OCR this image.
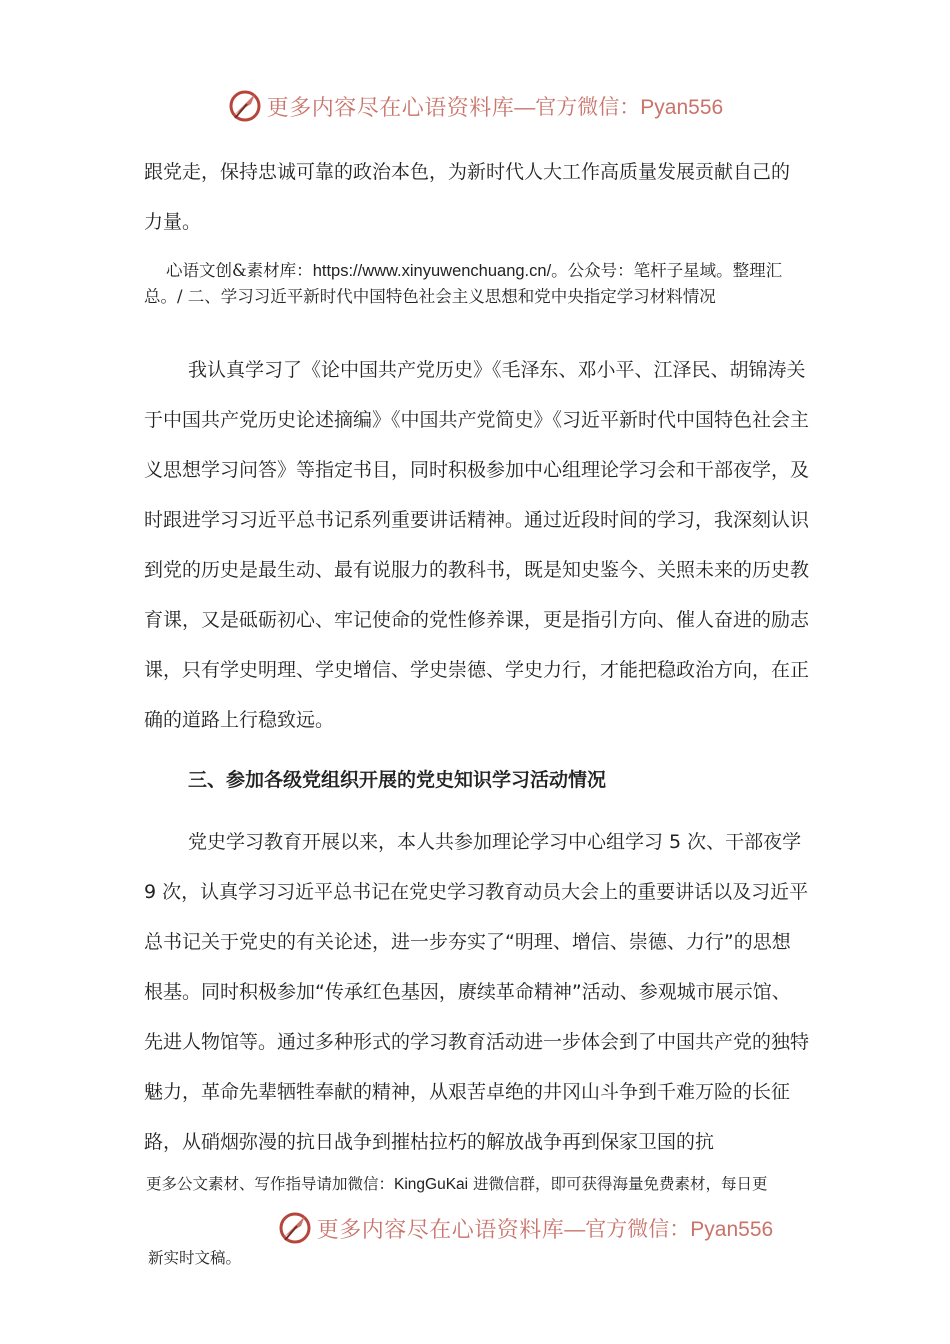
更多内容尽在心语资料库 —官方微信：Pyan556

跟党走，保持忠诚可靠的政治本色，为新时代人大工作高质量发展贡献自己的

力量。

心语文创&素材库：https://www.xinyuwenchuang.cn/。公众号：笔杆子星域。整理汇总。/ 二、学习习近平新时代中国特色社会主义思想和党中央指定学习材料情况

我认真学习了《论中国共产党历史》《毛泽东、邓小平、江泽民、胡锦涛关于中国共产党历史论述摘编》《中国共产党简史》《习近平新时代中国特色社会主义思想学习问答》等指定书目，同时积极参加中心组理论学习会和干部夜学，及时跟进学习习近平总书记系列重要讲话精神。通过近段时间的学习，我深刻认识到党的历史是最生动、最有说服力的教科书，既是知史鉴今、关照未来的历史教育课，又是砥砺初心、牢记使命的党性修养课，更是指引方向、催人奋进的励志课，只有学史明理、学史增信、学史崇德、学史力行，才能把稳政治方向，在正确的道路上行稳致远。

三、参加各级党组织开展的党史知识学习活动情况

党史学习教育开展以来，本人共参加理论学习中心组学习 5 次、干部夜学 9 次，认真学习习近平总书记在党史学习教育动员大会上的重要讲话以及习近平总书记关于党史的有关论述，进一步夯实了“明理、增信、崇德、力行”的思想根基。同时积极参加“传承红色基因，赓续革命精神”活动、参观城市展示馆、先进人物馆等。通过多种形式的学习教育活动进一步体会到了中国共产党的独特魅力，革命先辈牺牲奉献的精神，从艰苦卓绝的井冈山斗争到千难万险的长征路，从硝烟弥漫的抗日战争到摧枯拉朽的解放战争再到保家卫国的抗

更多公文素材、写作指导请加微信：KingGuKai 进微信群，即可获得海量免费素材，每日更
更多内容尽在心语资料库 —官方微信：Pyan556
新实时文稿。
